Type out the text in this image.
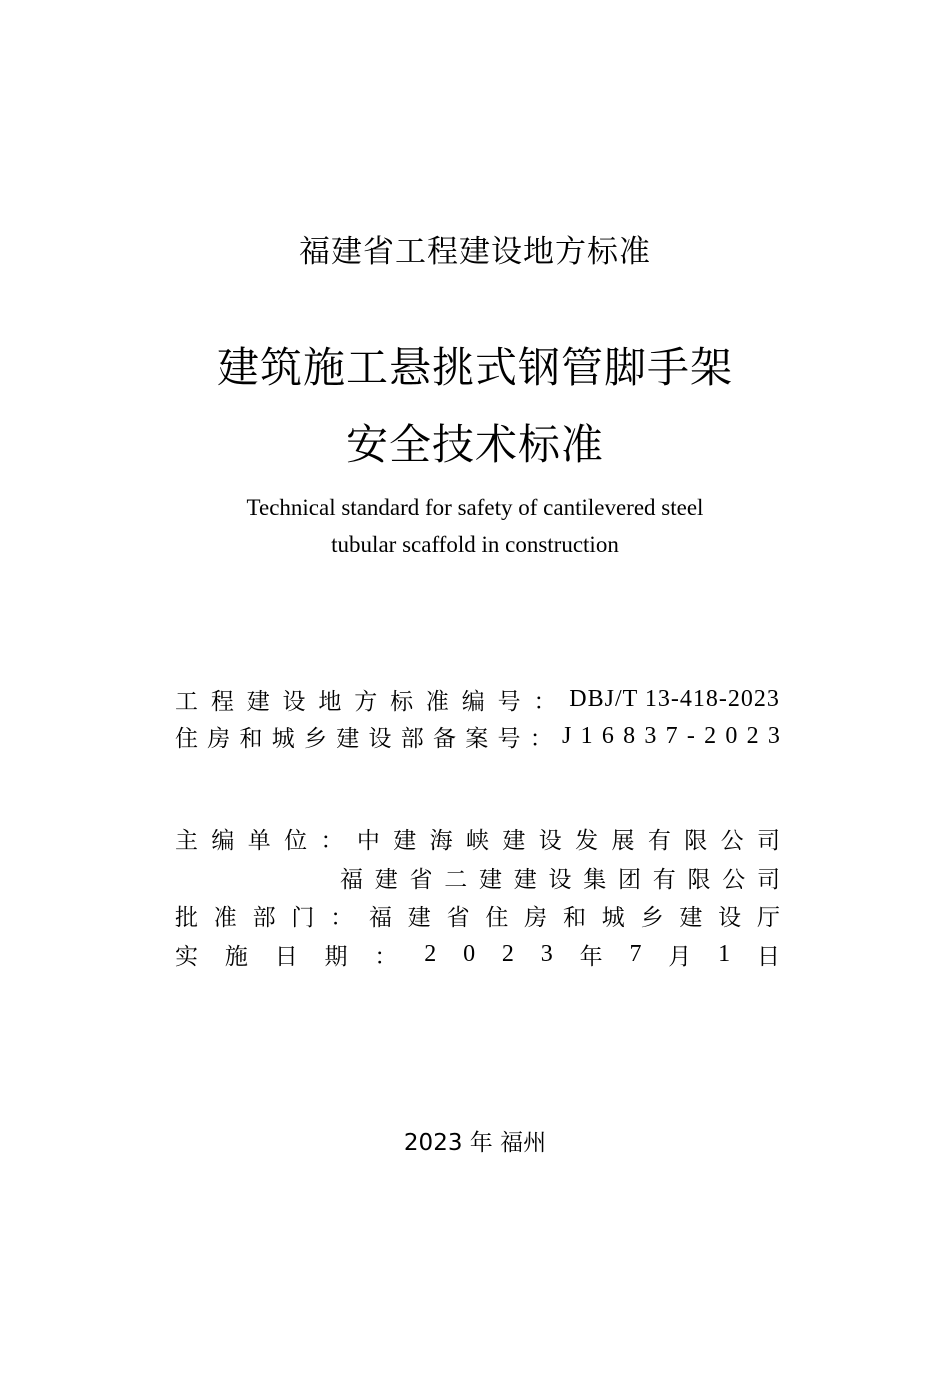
福建省工程建设地方标准
建筑施工悬挑式钢管脚手架
安全技术标准
Technical standard for safety of cantilevered steel
tubular scaffold in construction
工 程 建 设 地 方 标 准 编 号 ： DBJ/T 13-418-2023
住 房 和 城 乡 建 设 部 备 案 号 ： J 1 6 8 3 7 - 2 0 2 3
主 编 单 位 ： 中 建 海 峡 建 设 发 展 有 限 公 司
福 建 省 二 建 建 设 集 团 有 限 公 司
批 准 部 门 ： 福 建 省 住 房 和 城 乡 建 设 厅
实 施 日 期 ： 2 0 2 3 年 7 月 1 日
2023 年 福州
